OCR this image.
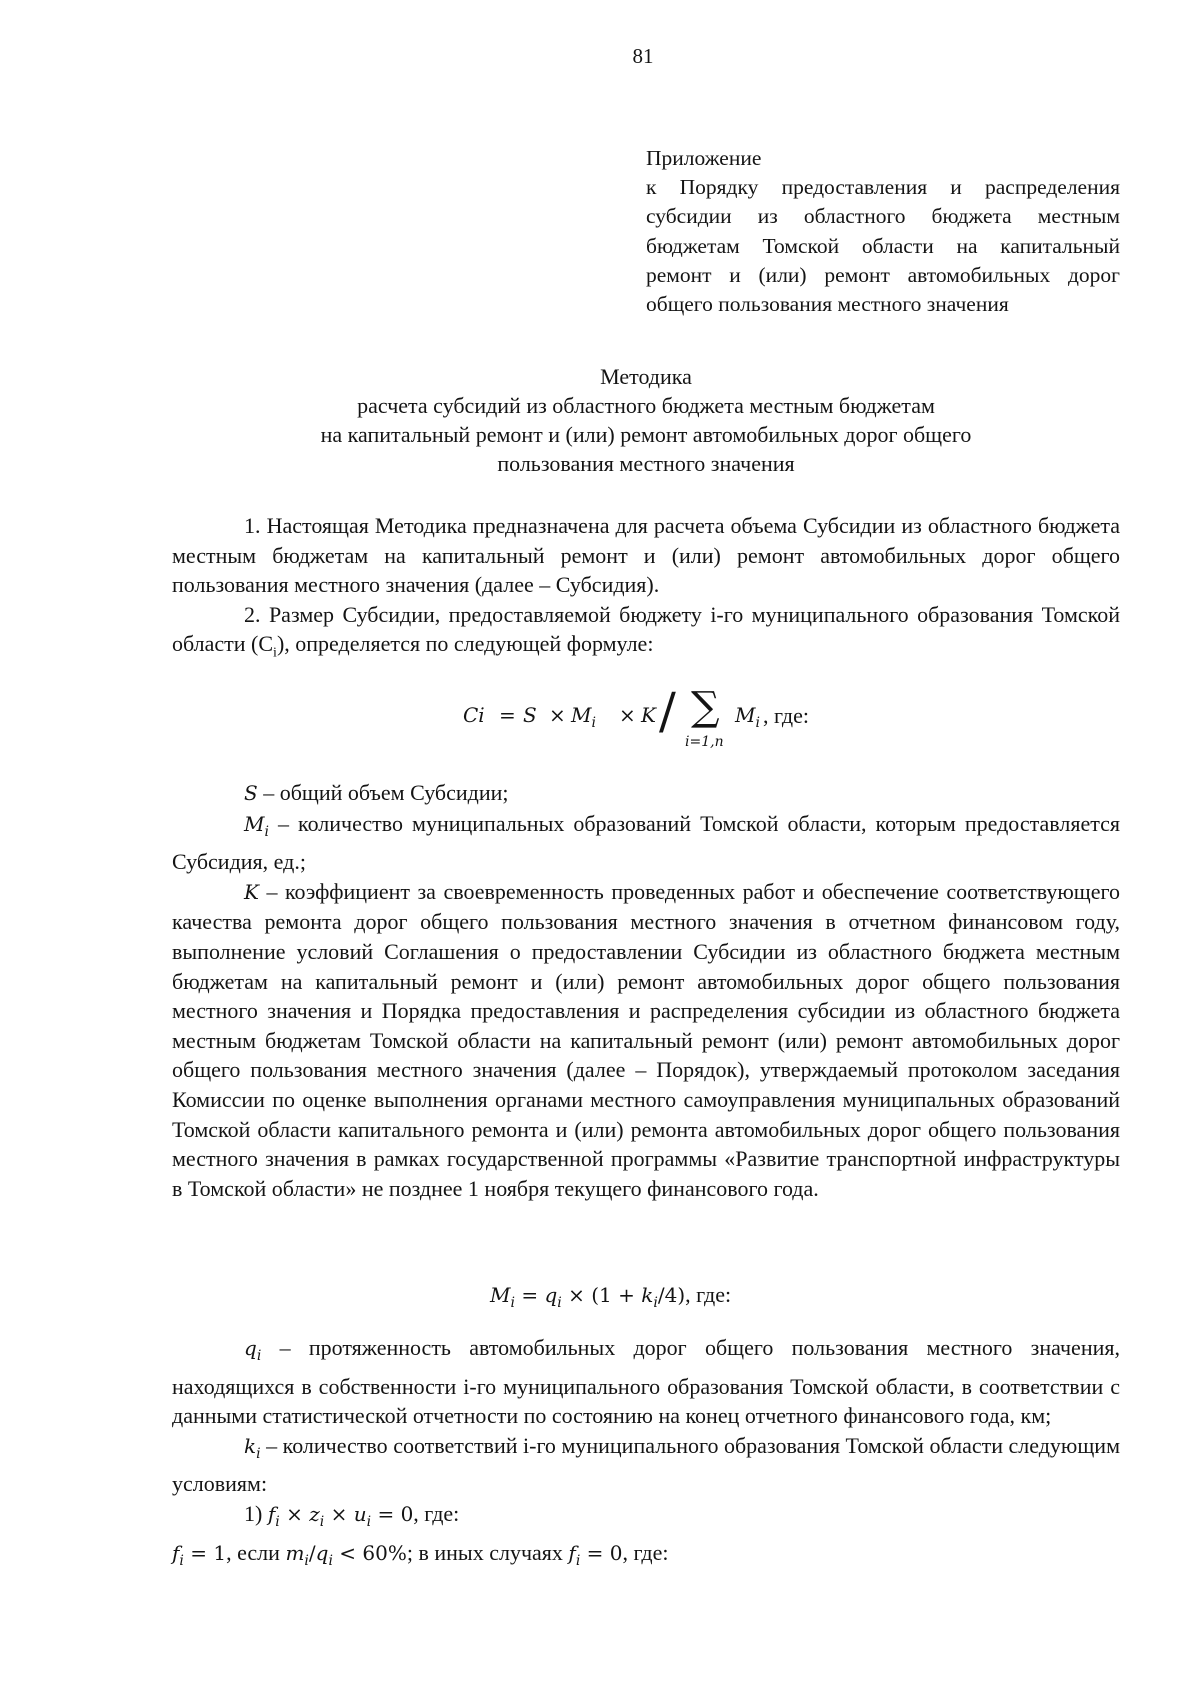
81

Приложение

к Порядку предоставления и распределения субсидии из областного бюджета местным бюджетам Томской области на капитальный ремонт и (или) ремонт автомобильных дорог общего пользования местного значения

Методика
расчета субсидий из областного бюджета местным бюджетам
на капитальный ремонт и (или) ремонт автомобильных дорог общего
пользования местного значения

1. Настоящая Методика предназначена для расчета объема Субсидии из областного бюджета местным бюджетам на капитальный ремонт и (или) ремонт автомобильных дорог общего пользования местного значения (далее – Субсидия).

2. Размер Субсидии, предоставляемой бюджету i-го муниципального образования Томской области $(C_i)$, определяется по следующей формуле:

$Ci = S \times M_i \times K$ / ∑
i=1,n
$M_i$ , где:

S – общий объем Субсидии;

$M_i$ – количество муниципальных образований Томской области, которым предоставляется Субсидия, ед.;

K – коэффициент за своевременность проведенных работ и обеспечение соответствующего качества ремонта дорог общего пользования местного значения в отчетном финансовом году, выполнение условий Соглашения о предоставлении Субсидии из областного бюджета местным бюджетам на капитальный ремонт и (или) ремонт автомобильных дорог общего пользования местного значения и Порядка предоставления и распределения субсидии из областного бюджета местным бюджетам Томской области на капитальный ремонт (или) ремонт автомобильных дорог общего пользования местного значения (далее – Порядок), утверждаемый протоколом заседания Комиссии по оценке выполнения органами местного самоуправления муниципальных образований Томской области капитального ремонта и (или) ремонта автомобильных дорог общего пользования местного значения в рамках государственной программы «Развитие транспортной инфраструктуры в Томской области» не позднее 1 ноября текущего финансового года.

$M_i = q_i \times (1 + k_i/4)$, где:

$q_i$ – протяженность автомобильных дорог общего пользования местного значения, находящихся в собственности i-го муниципального образования Томской области, в соответствии с данными статистической отчетности по состоянию на конец отчетного финансового года, км;

$k_i$ – количество соответствий i-го муниципального образования Томской области следующим условиям:

1) $f_i \times z_i \times u_i = 0$, где:

$f_i = 1$, если $m_i/q_i < 60\%$; в иных случаях $f_i = 0$, где:
